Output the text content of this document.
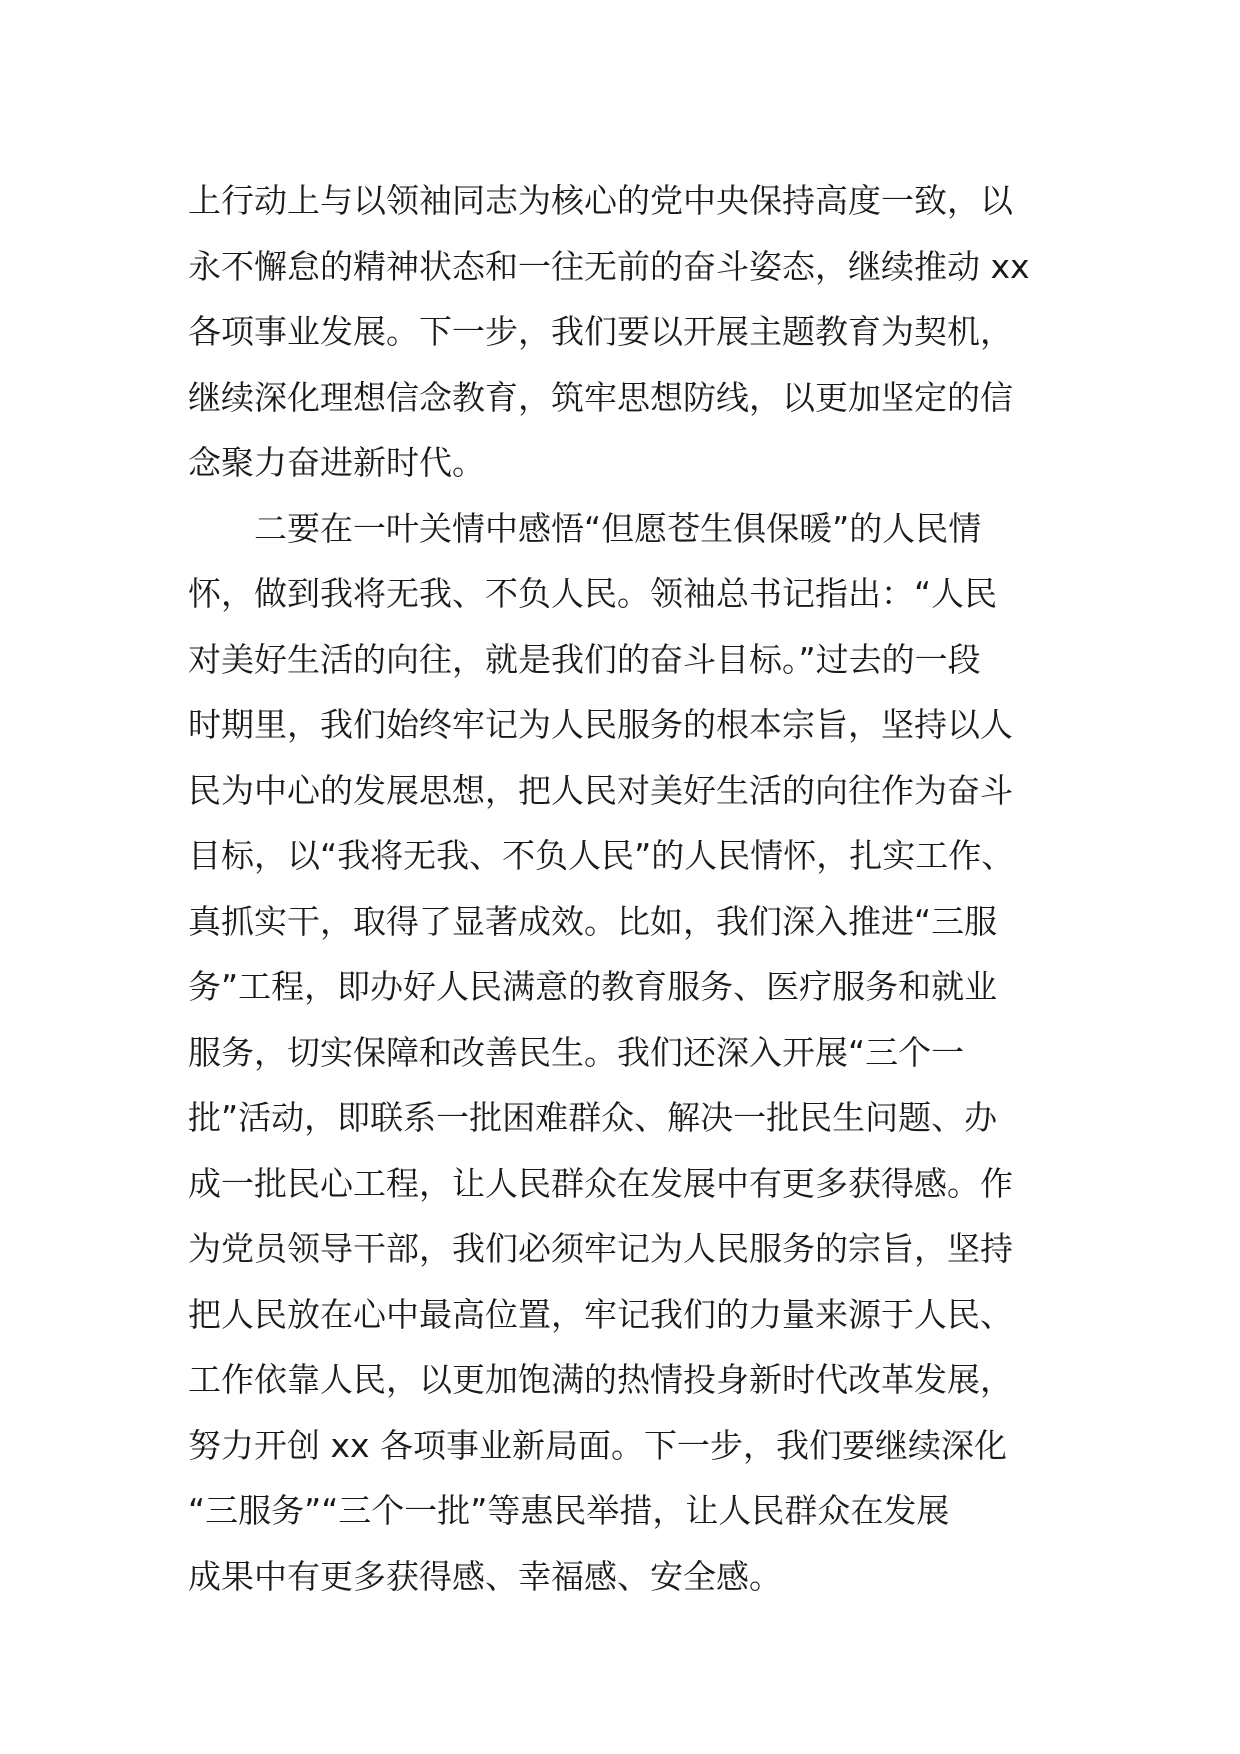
上行动上与以领袖同志为核心的党中央保持高度一致，以
永不懈怠的精神状态和一往无前的奋斗姿态，继续推动 xx
各项事业发展。下一步，我们要以开展主题教育为契机，
继续深化理想信念教育，筑牢思想防线，以更加坚定的信
念聚力奋进新时代。
二要在一叶关情中感悟“但愿苍生俱保暖”的人民情
怀，做到我将无我、不负人民。领袖总书记指出：“人民
对美好生活的向往，就是我们的奋斗目标。”过去的一段
时期里，我们始终牢记为人民服务的根本宗旨，坚持以人
民为中心的发展思想，把人民对美好生活的向往作为奋斗
目标，以“我将无我、不负人民”的人民情怀，扎实工作、
真抓实干，取得了显著成效。比如，我们深入推进“三服
务”工程，即办好人民满意的教育服务、医疗服务和就业
服务，切实保障和改善民生。我们还深入开展“三个一
批”活动，即联系一批困难群众、解决一批民生问题、办
成一批民心工程，让人民群众在发展中有更多获得感。作
为党员领导干部，我们必须牢记为人民服务的宗旨，坚持
把人民放在心中最高位置，牢记我们的力量来源于人民、
工作依靠人民，以更加饱满的热情投身新时代改革发展，
努力开创 xx 各项事业新局面。下一步，我们要继续深化
“三服务”“三个一批”等惠民举措，让人民群众在发展
成果中有更多获得感、幸福感、安全感。
